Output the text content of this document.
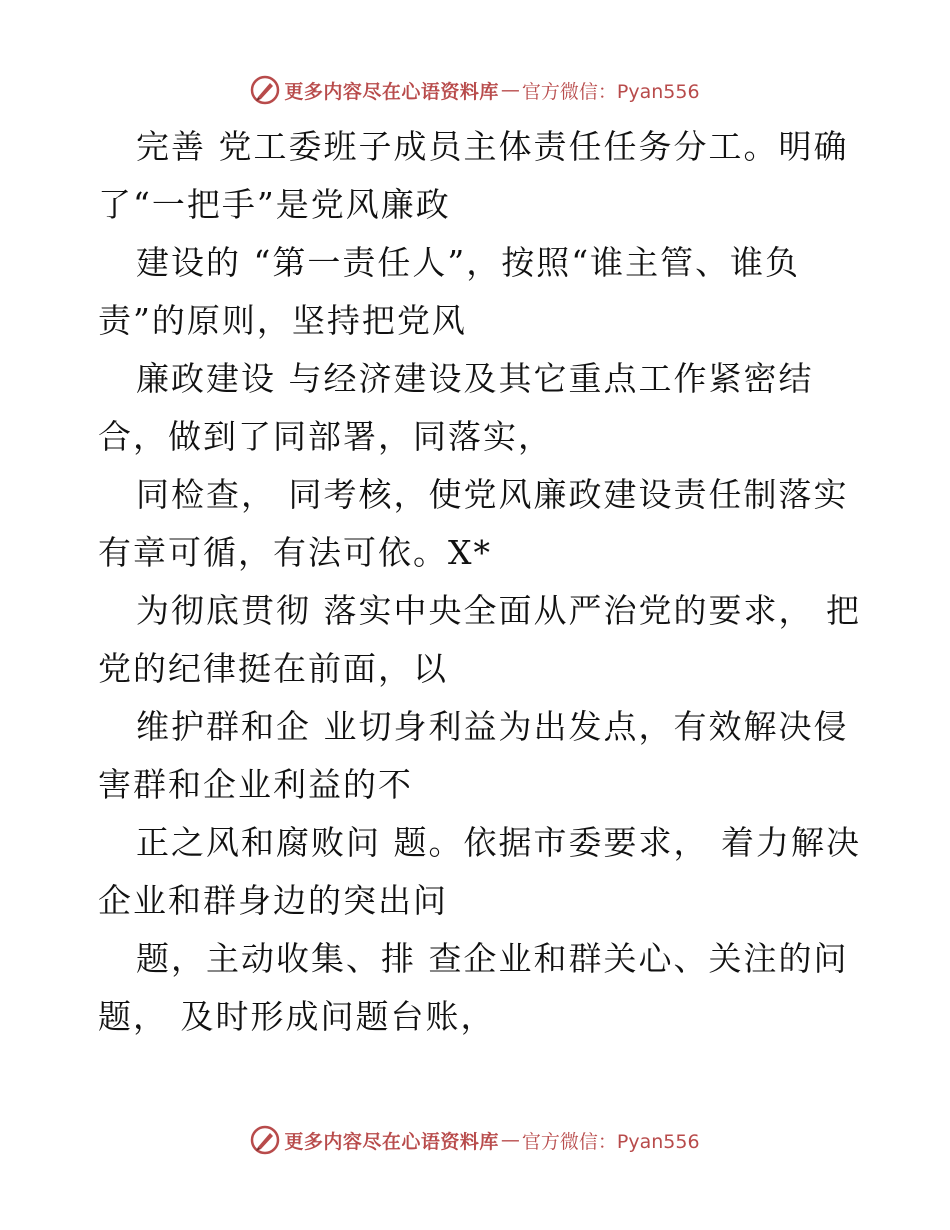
更多内容尽在心语资料库 — 官方微信：Pyan556
完善 党工委班子成员主体责任任务分工。明确
了“一把手”是党风廉政
建设的 “第一责任人”，按照“谁主管、谁负
责”的原则，坚持把党风
廉政建设 与经济建设及其它重点工作紧密结
合，做到了同部署，同落实，
同检查， 同考核，使党风廉政建设责任制落实
有章可循，有法可依。X*
为彻底贯彻 落实中央全面从严治党的要求， 把
党的纪律挺在前面，以
维护群和企 业切身利益为出发点，有效解决侵
害群和企业利益的不
正之风和腐败问 题。依据市委要求， 着力解决
企业和群身边的突出问
题，主动收集、排 查企业和群关心、关注的问
题， 及时形成问题台账，
更多内容尽在心语资料库 — 官方微信：Pyan556
